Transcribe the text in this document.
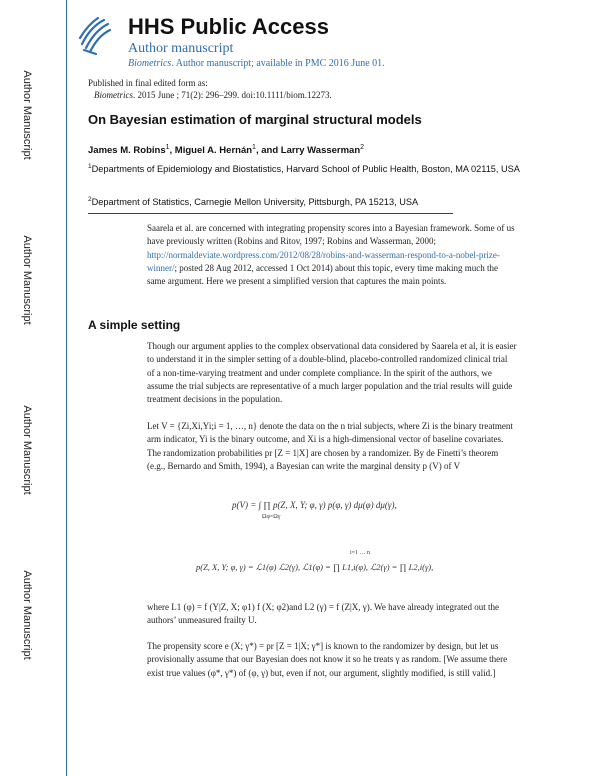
Author Manuscript
Author Manuscript
Author Manuscript
Author Manuscript
HHS Public Access
Author manuscript
Biometrics. Author manuscript; available in PMC 2016 June 01.
Published in final edited form as:
Biometrics. 2015 June ; 71(2): 296–299. doi:10.1111/biom.12273.
On Bayesian estimation of marginal structural models
James M. Robins$^1$, Miguel A. Hernán$^1$, and Larry Wasserman$^2$
$^1$Departments of Epidemiology and Biostatistics, Harvard School of Public Health, Boston, MA 02115, USA
$^2$Department of Statistics, Carnegie Mellon University, Pittsburgh, PA 15213, USA
Saarela et al. are concerned with integrating propensity scores into a Bayesian framework. Some of us have previously written (Robins and Ritov, 1997; Robins and Wasserman, 2000; http://normaldeviate.wordpress.com/2012/08/28/robins-and-wasserman-respond-to-a-nobel-prize-winner/; posted 28 Aug 2012, accessed 1 Oct 2014) about this topic, every time making much the same argument. Here we present a simplified version that captures the main points.
A simple setting
Though our argument applies to the complex observational data considered by Saarela et al, it is easier to understand it in the simpler setting of a double-blind, placebo-controlled randomized clinical trial of a non-time-varying treatment and under complete compliance. In the spirit of the authors, we assume the trial subjects are representative of a much larger population and the trial results will guide treatment decisions in the population.
Let V = {Zi,Xi,Yi;i = 1, …, n} denote the data on the n trial subjects, where Zi is the binary treatment arm indicator, Yi is the binary outcome, and Xi is a high-dimensional vector of baseline covariates. The randomization probabilities pr [Z = 1|X] are chosen by a randomizer. By de Finetti’s theorem (e.g., Bernardo and Smith, 1994), a Bayesian can write the marginal density p (V) of V
p(V) = ∫ ∏ p(Z, X, Y; φ, γ) p(φ, γ) dμ(φ) dμ(γ),
Ωφ×Ωγ
p(Z, X, Y; φ, γ) = ℒ1(φ) ℒ2(γ), ℒ1(φ) = ∏ L1,i(φ), ℒ2(γ) = ∏ L2,i(γ),
i=1 … n
where L1 (φ) = f (Y|Z, X; φ1) f (X; φ2)and L2 (γ) = f (Z|X, γ). We have already integrated out the authors’ unmeasured frailty U.
The propensity score e (X; γ*) = pr [Z = 1|X; γ*] is known to the randomizer by design, but let us provisionally assume that our Bayesian does not know it so he treats γ as random. [We assume there exist true values (φ*, γ*) of (φ, γ) but, even if not, our argument, slightly modified, is still valid.]
